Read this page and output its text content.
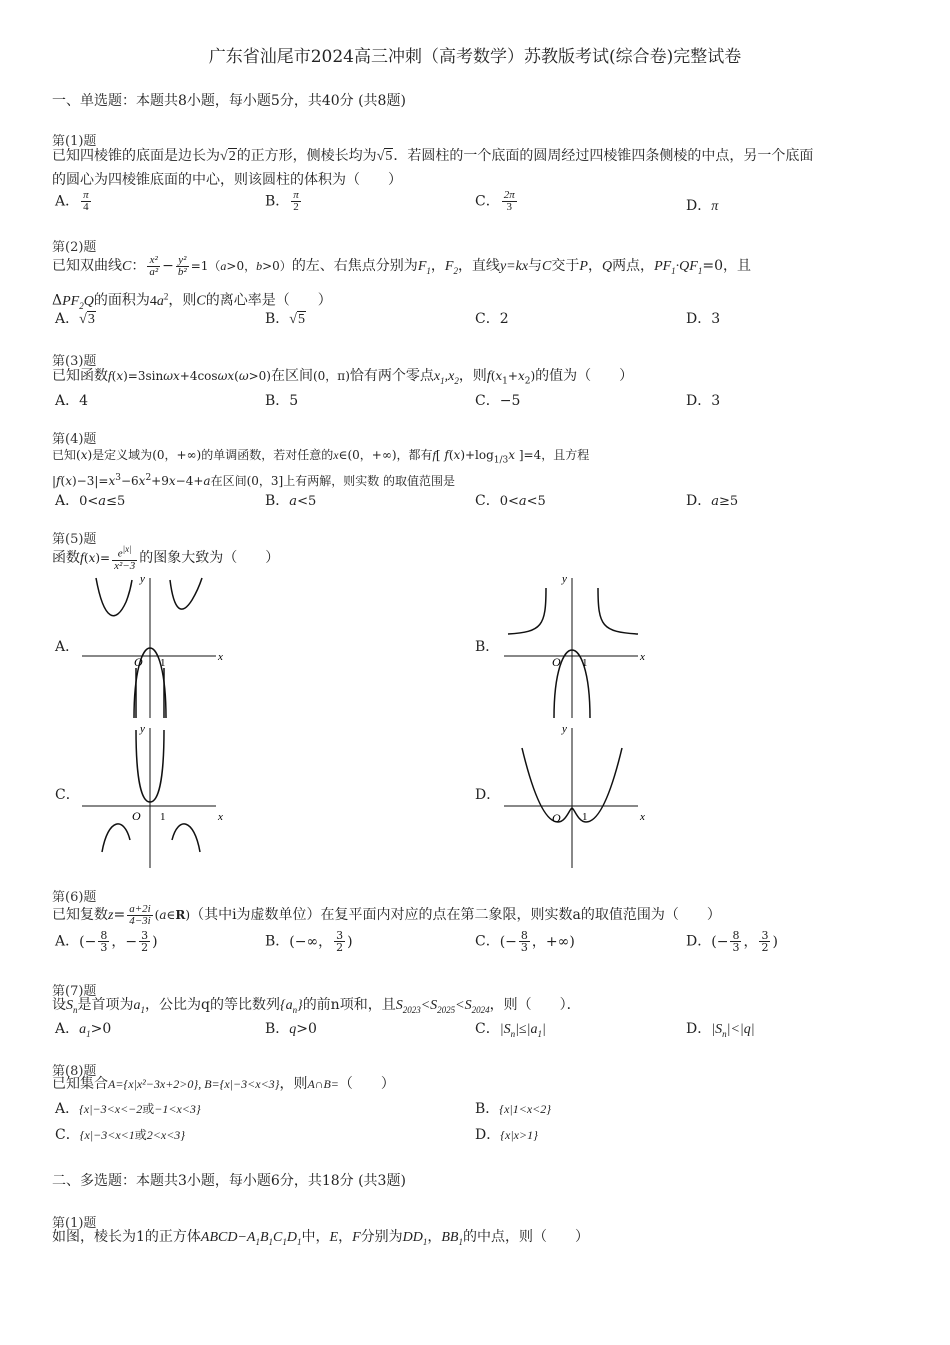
广东省汕尾市2024高三冲刺（高考数学）苏教版考试(综合卷)完整试卷
一、单选题：本题共8小题，每小题5分，共40分 (共8题)
第(1)题
已知四棱锥的底面是边长为√2的正方形，侧棱长均为√5．若圆柱的一个底面的圆周经过四棱锥四条侧棱的中点，另一个底面
的圆心为四棱锥底面的中心，则该圆柱的体积为（　　）
A． $\frac{\pi}{4}$	B． $\frac{\pi}{2}$	C． $\frac{2\pi}{3}$	D．π
第(2)题
已知双曲线C： $\frac{\text{x²}}{\text{a²}} - \frac{\text{y²}}{\text{b²}} =1(a>0$，b>0）的左、右焦点分别为$F_1$，$F_2$，直线y=kx与C交于P，Q两点，$PF_1\cdot QF_1=0$，且
$\Delta PF_2Q$的面积为$4a^2$，则C的离心率是（　　）
A．√3	B．√5	C．2	D．3
第(3)题
已知函数f(x)=3sinωx+4cosωx(ω>0)在区间(0，π)恰有两个零点$x_1,x_2$，则$f(x_1+x_2)$的值为（　　）
A．4	B．5	C．−5	D．3
第(4)题
已知(x)是定义域为(0，+∞)的单调函数，若对任意的x∈(0，+∞)，都有f[ $f(x)+\log_{1/3}x$ ]=4，且方程
$|f(x)-3|=x^3-6x^2+9x-4+a$在区间(0，3]上有两解，则实数 的取值范围是
A．0<a≤5	B．a<5	C．0<a<5	D．a≥5
第(5)题
函数$f(x)= \frac{e^{|x|}}{\text{x²−3}}$ 的图象大致为（　　）
A．	B．
C．	D．
x
y
O 1	x
y
O 1
x
y
O 1	x
y
O 1
第(6)题
已知复数$z= \frac{a+2i}{4-3i}$ (a∈R)（其中i为虚数单位）在复平面内对应的点在第二象限，则实数a的取值范围为（　　）
A．(− $\frac{8}{3}$ ，− $\frac{3}{2}$ )	B．(−∞， $\frac{3}{2}$ )	C．(− $\frac{8}{3}$ ，+∞)	D．(− $\frac{8}{3}$ ， $\frac{3}{2}$ )
第(7)题
设$S_n$是首项为$a_1$，公比为q的等比数列$\{a_n\}$的前n项和，且$S_{2023}<S_{2025}<S_{2024}$，则（　　）．
A．$a_1>0$	B．q>0	C．$|S_n|\le|a_1|$	D．$|S_n|<|q|$
第(8)题
已知集合A={x|x²−3x+2>0}, B={x|−3<x<3}，则A∩B=（　　）
A．{x|−3<x<−2或−1<x<3}	B．{x|1<x<2}
C．{x|−3<x<1或2<x<3}	D．{x|x>1}
二、多选题：本题共3小题，每小题6分，共18分 (共3题)
第(1)题
如图，棱长为1的正方体$ABCD-A_1B_1C_1D_1$中，E，F分别为$DD_1$，$BB_1$的中点，则（　　）
